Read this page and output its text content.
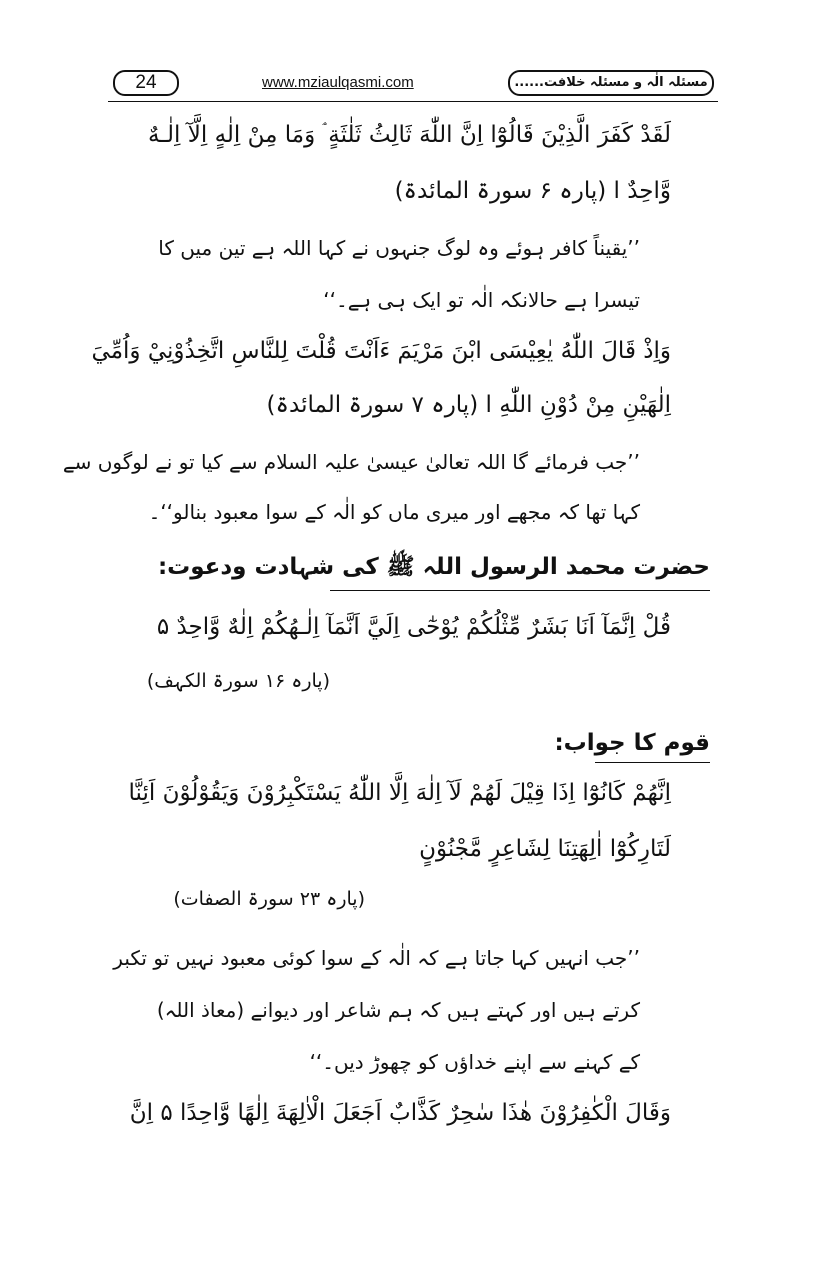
24	www.mziaulqasmi.com	مسئلہ الٰہ و مسئلہ خلافت......
لَقَدْ كَفَرَ الَّذِيْنَ قَالُوْٓا اِنَّ اللّٰهَ ثَالِثُ ثَلٰثَةٍ ۘ وَمَا مِنْ اِلٰهٍ اِلَّآ اِلٰـهٌ
وَّاحِدٌ ا (پارہ ۶ سورۃ المائدۃ)
’’یقیناً کافر ہوئے وہ لوگ جنہوں نے کہا اللہ ہے تین میں کا
تیسرا ہے حالانکہ الٰہ تو ایک ہی ہے۔‘‘
وَاِذْ قَالَ اللّٰهُ يٰعِيْسَى ابْنَ مَرْيَمَ ءَاَنْتَ قُلْتَ لِلنَّاسِ اتَّخِذُوْنِيْ وَاُمِّيَ
اِلٰهَيْنِ مِنْ دُوْنِ اللّٰهِ ا (پارہ ۷ سورۃ المائدۃ)
’’جب فرمائے گا اللہ تعالیٰ عیسیٰ علیہ السلام سے کیا تو نے لوگوں سے
کہا تھا کہ مجھے اور میری ماں کو الٰہ کے سوا معبود بنالو‘‘۔
حضرت محمد الرسول اللہ ﷺ کی شہادت ودعوت:
قُلْ اِنَّمَآ اَنَا بَشَرٌ مِّثْلُكُمْ يُوْحٰٓى اِلَيَّ اَنَّمَآ اِلٰـهُكُمْ اِلٰهٌ وَّاحِدٌ ۵
(پارہ ۱۶ سورۃ الکہف)
قوم کا جواب:
اِنَّهُمْ كَانُوْٓا اِذَا قِيْلَ لَهُمْ لَآ اِلٰهَ اِلَّا اللّٰهُ يَسْتَكْبِرُوْنَ وَيَقُوْلُوْنَ اَئِنَّا
لَتَارِكُوْٓا اٰلِهَتِنَا لِشَاعِرٍ مَّجْنُوْنٍ
(پارہ ۲۳ سورۃ الصفات)
’’جب انہیں کہا جاتا ہے کہ الٰہ کے سوا کوئی معبود نہیں تو تکبر
کرتے ہیں اور کہتے ہیں کہ ہم شاعر اور دیوانے (معاذ اللہ)
کے کہنے سے اپنے خداؤں کو چھوڑ دیں۔‘‘
وَقَالَ الْكٰفِرُوْنَ هٰذَا سٰحِرٌ كَذَّابٌ اَجَعَلَ الْاٰلِهَةَ اِلٰهًا وَّاحِدًا ۵ اِنَّ
